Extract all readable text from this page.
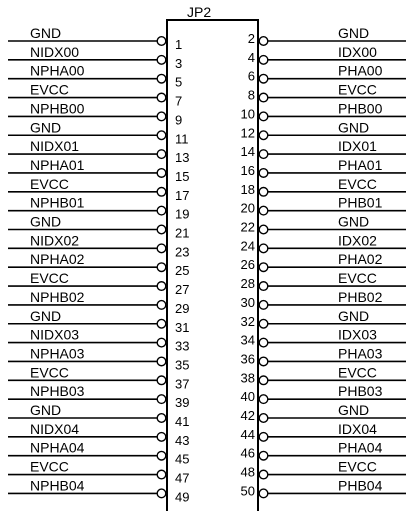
JP2
GND
1
NIDX00
3
NPHA00
5
EVCC
7
NPHB00
9
GND
11
NIDX01
13
NPHA01
15
EVCC
17
NPHB01
19
GND
21
NIDX02
23
NPHA02
25
EVCC
27
NPHB02
29
GND
31
NIDX03
33
NPHA03
35
EVCC
37
NPHB03
39
GND
41
NIDX04
43
NPHA04
45
EVCC
47
NPHB04
49
GND
2
IDX00
4
PHA00
6
EVCC
8
PHB00
10
GND
12
IDX01
14
PHA01
16
EVCC
18
PHB01
20
GND
22
IDX02
24
PHA02
26
EVCC
28
PHB02
30
GND
32
IDX03
34
PHA03
36
EVCC
38
PHB03
40
GND
42
IDX04
44
PHA04
46
EVCC
48
PHB04
50
